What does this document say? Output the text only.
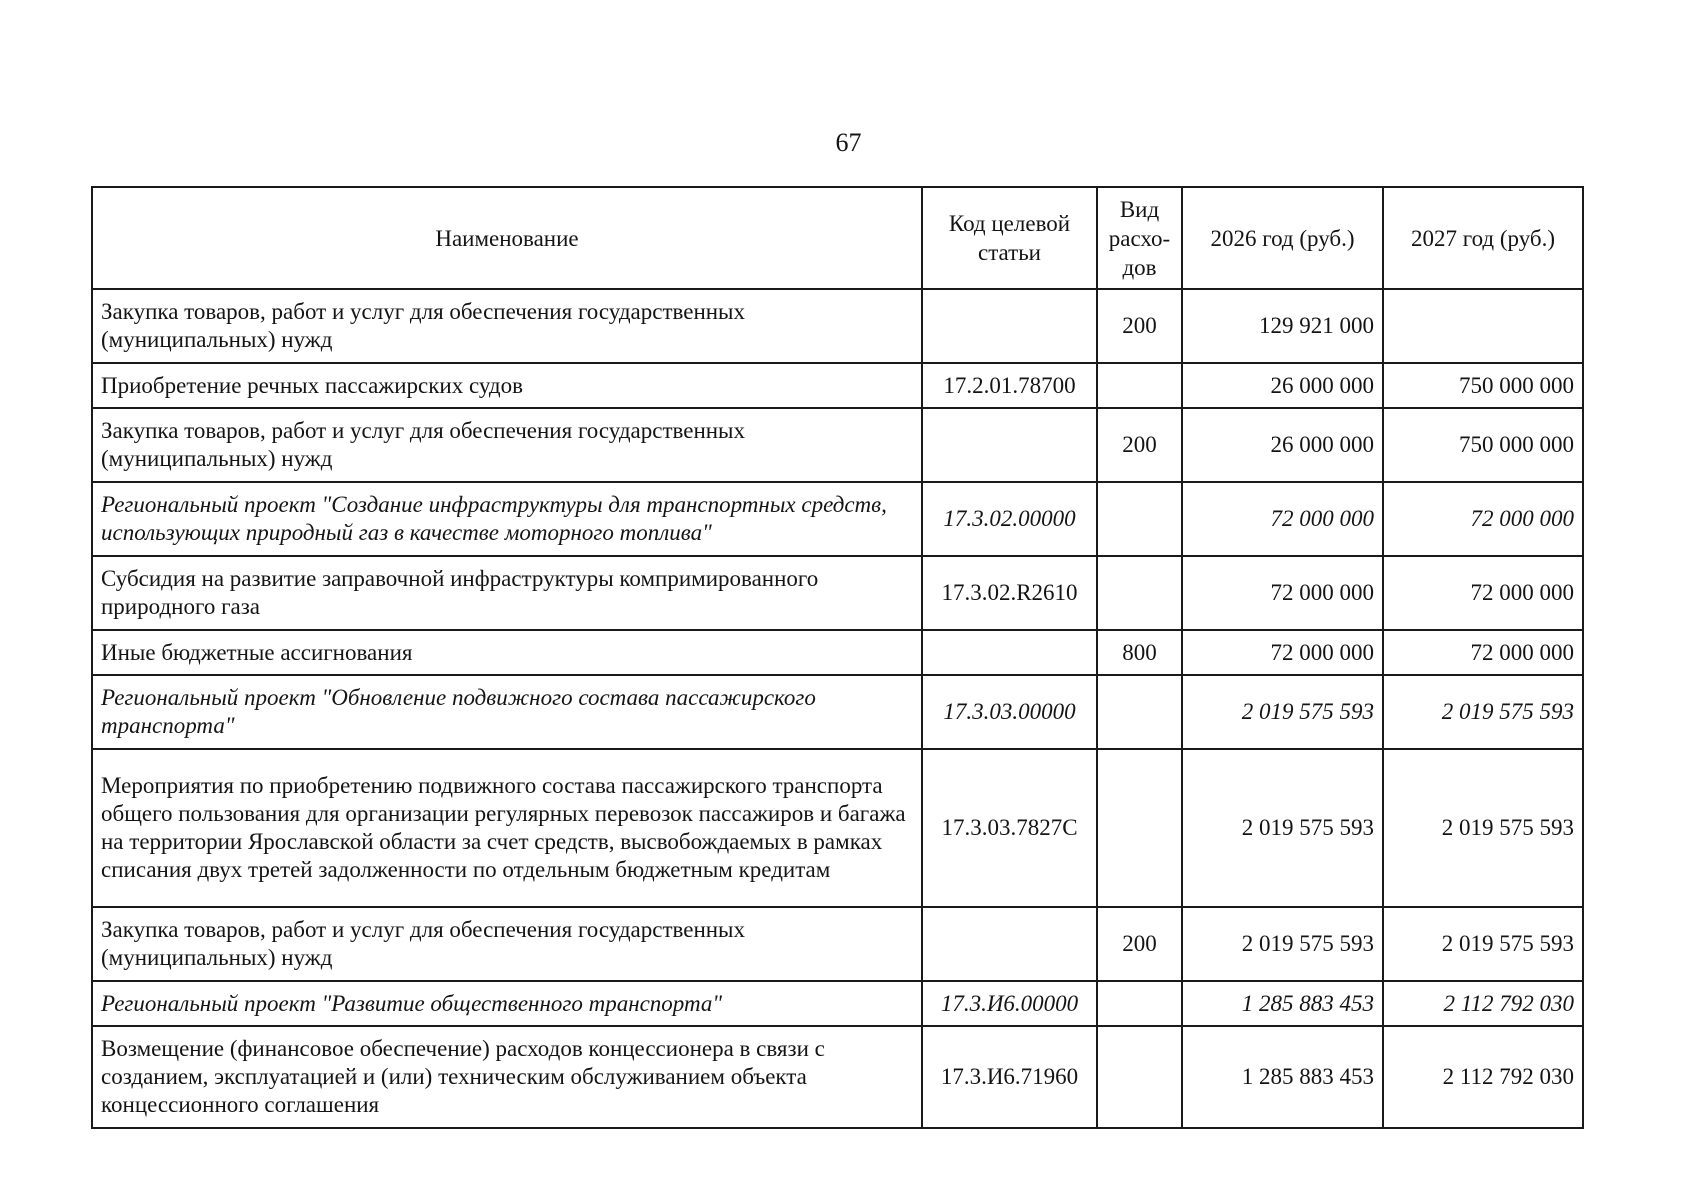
67
Наименование	Код целевой статьи	Вид расхо-дов	2026 год (руб.)	2027 год (руб.)
Закупка товаров, работ и услуг для обеспечения государственных (муниципальных) нужд		200	129 921 000	
Приобретение речных пассажирских судов	17.2.01.78700		26 000 000	750 000 000
Закупка товаров, работ и услуг для обеспечения государственных (муниципальных) нужд		200	26 000 000	750 000 000
Региональный проект "Создание инфраструктуры для транспортных средств, использующих природный газ в качестве моторного топлива"	17.3.02.00000		72 000 000	72 000 000
Субсидия на развитие заправочной инфраструктуры компримированного природного газа	17.3.02.R2610		72 000 000	72 000 000
Иные бюджетные ассигнования		800	72 000 000	72 000 000
Региональный проект "Обновление подвижного состава пассажирского транспорта"	17.3.03.00000		2 019 575 593	2 019 575 593
Мероприятия по приобретению подвижного состава пассажирского транспорта общего пользования для организации регулярных перевозок пассажиров и багажа на территории Ярославской области за счет средств, высвобождаемых в рамках списания двух третей задолженности по отдельным бюджетным кредитам	17.3.03.7827С		2 019 575 593	2 019 575 593
Закупка товаров, работ и услуг для обеспечения государственных (муниципальных) нужд		200	2 019 575 593	2 019 575 593
Региональный проект "Развитие общественного транспорта"	17.3.И6.00000		1 285 883 453	2 112 792 030
Возмещение (финансовое обеспечение) расходов концессионера в связи с созданием, эксплуатацией и (или) техническим обслуживанием объекта концессионного соглашения	17.3.И6.71960		1 285 883 453	2 112 792 030
